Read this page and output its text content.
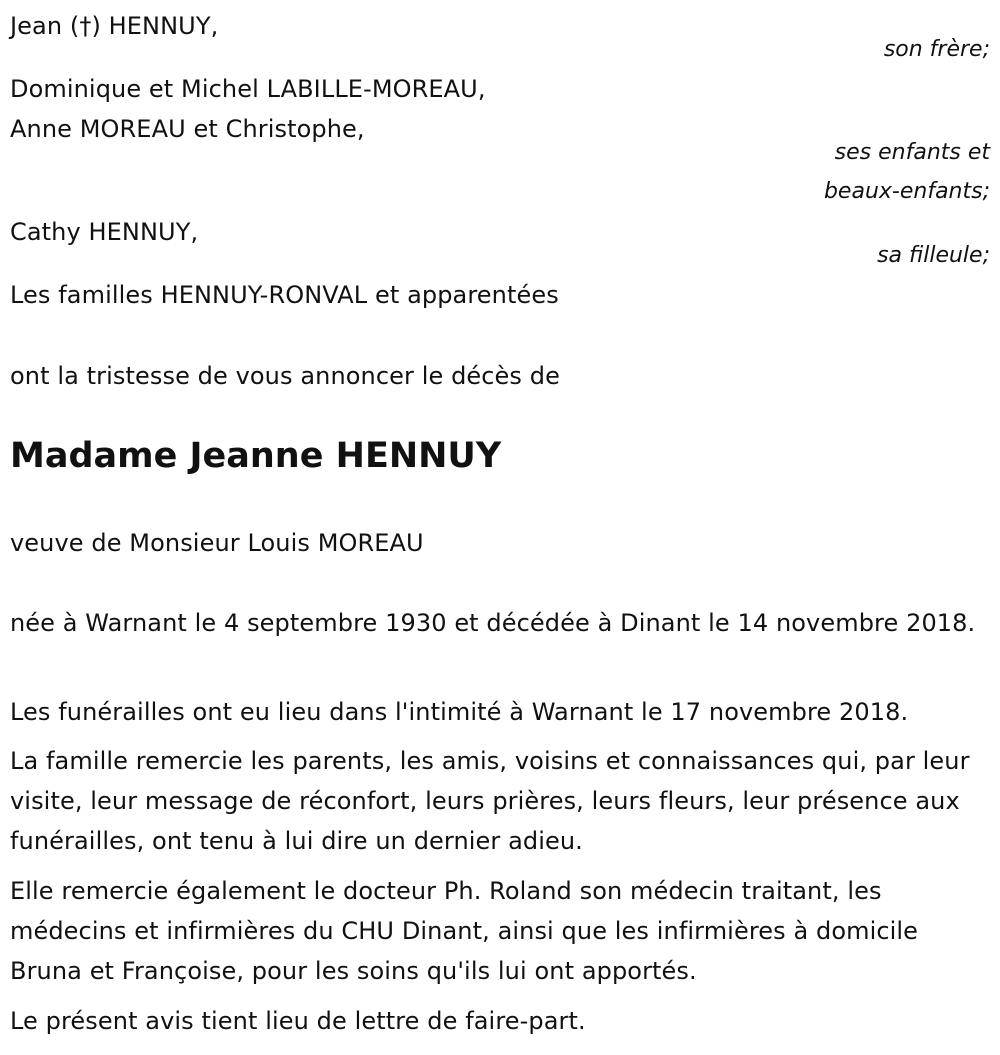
Jean (†) HENNUY,
son frère;
Dominique et Michel LABILLE-MOREAU,
Anne MOREAU et Christophe,
ses enfants et
beaux-enfants;
Cathy HENNUY,
sa filleule;
Les familles HENNUY-RONVAL et apparentées
ont la tristesse de vous annoncer le décès de
Madame Jeanne HENNUY
veuve de Monsieur Louis MOREAU
née à Warnant le 4 septembre 1930 et décédée à Dinant le 14 novembre 2018.
Les funérailles ont eu lieu dans l'intimité à Warnant le 17 novembre 2018.
La famille remercie les parents, les amis, voisins et connaissances qui, par leur visite, leur message de réconfort, leurs prières, leurs fleurs, leur présence aux funérailles, ont tenu à lui dire un dernier adieu.
Elle remercie également le docteur Ph. Roland son médecin traitant, les médecins et infirmières du CHU Dinant, ainsi que les infirmières à domicile Bruna et Françoise, pour les soins qu'ils lui ont apportés.
Le présent avis tient lieu de lettre de faire-part.
